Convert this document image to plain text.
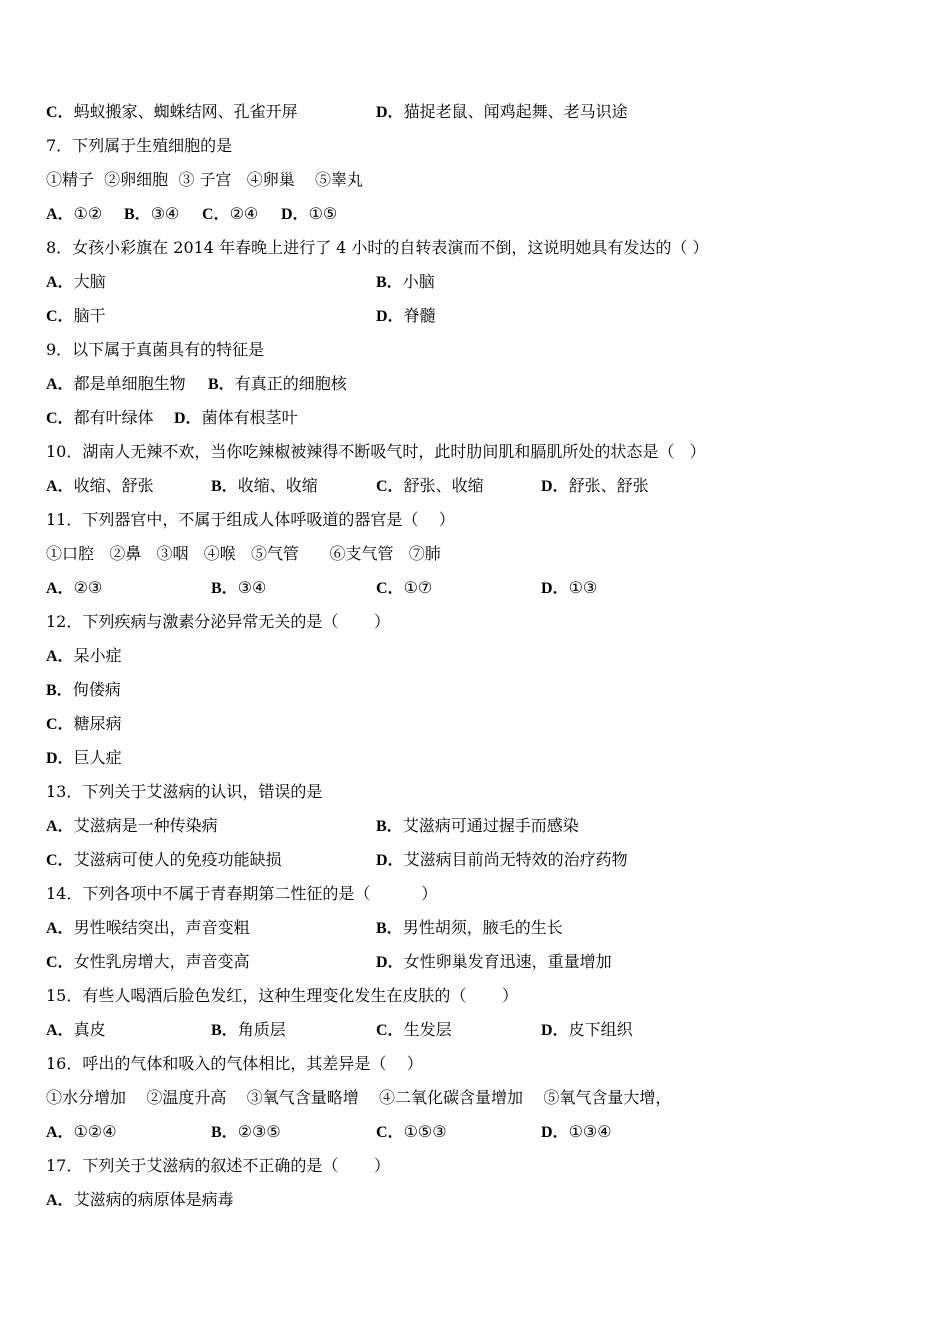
C．蚂蚁搬家、蜘蛛结网、孔雀开屏	D．猫捉老鼠、闻鸡起舞、老马识途
7．下列属于生殖细胞的是
①精子  ②卵细胞  ③ 子宫   ④卵巢    ⑤睾丸
A．①② B．③④ C．②④ D．①⑤
8．女孩小彩旗在 2014 年春晚上进行了 4 小时的自转表演而不倒，这说明她具有发达的（ ）
A．大脑	B．小脑
C．脑干	D．脊髓
9．以下属于真菌具有的特征是
A．都是单细胞生物 B．有真正的细胞核
C．都有叶绿体 D．菌体有根茎叶
10．湖南人无辣不欢，当你吃辣椒被辣得不断吸气时，此时肋间肌和膈肌所处的状态是（   ）
A．收缩、舒张	B．收缩、收缩	C．舒张、收缩	D．舒张、舒张
11．下列器官中，不属于组成人体呼吸道的器官是（    ）
①口腔   ②鼻   ③咽   ④喉   ⑤气管      ⑥支气管   ⑦肺
A．②③	B．③④	C．①⑦	D．①③
12．下列疾病与激素分泌异常无关的是（       ）
A．呆小症
B．佝偻病
C．糖尿病
D．巨人症
13．下列关于艾滋病的认识，错误的是
A．艾滋病是一种传染病	B．艾滋病可通过握手而感染
C．艾滋病可使人的免疫功能缺损	D．艾滋病目前尚无特效的治疗药物
14．下列各项中不属于青春期第二性征的是（          ）
A．男性喉结突出，声音变粗	B．男性胡须，腋毛的生长
C．女性乳房增大，声音变高	D．女性卵巢发育迅速，重量增加
15．有些人喝酒后脸色发红，这种生理变化发生在皮肤的（       ）
A．真皮	B．角质层	C．生发层	D．皮下组织
16．呼出的气体和吸入的气体相比，其差异是（    ）
①水分增加    ②温度升高    ③氧气含量略增    ④二氧化碳含量增加    ⑤氧气含量大增，
A．①②④	B．②③⑤	C．①⑤③	D．①③④
17．下列关于艾滋病的叙述不正确的是（       ）
A．艾滋病的病原体是病毒
